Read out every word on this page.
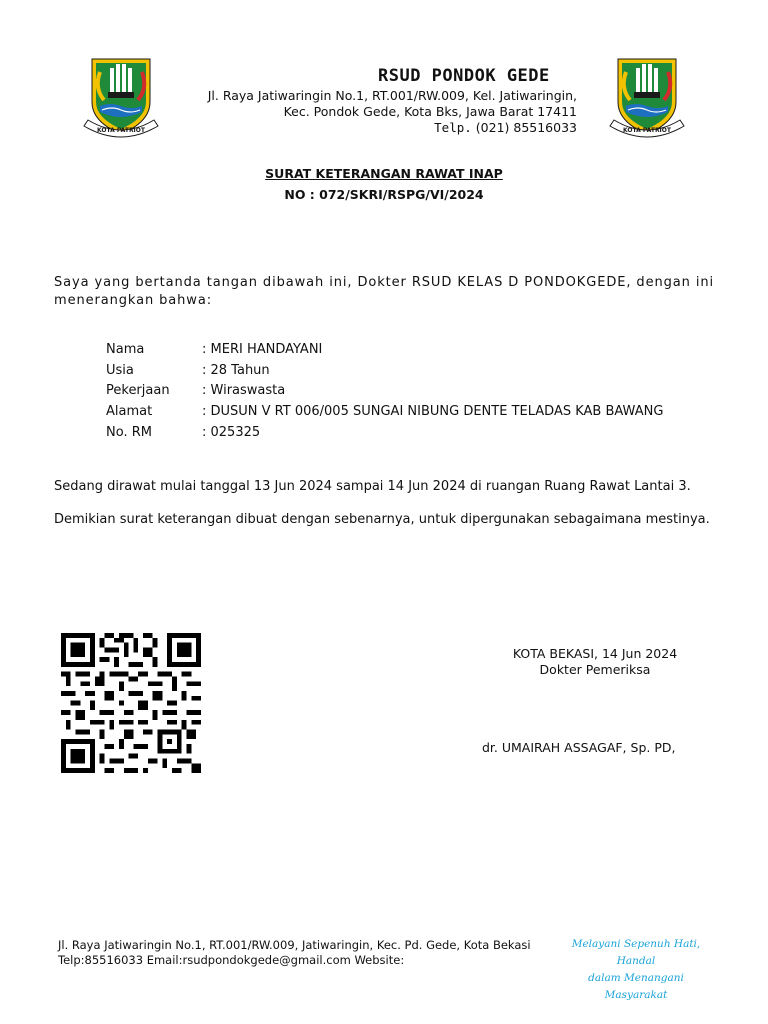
KOTA PATRIOT	KOTA PATRIOT
RSUD PONDOK GEDE
Jl. Raya Jatiwaringin No.1, RT.001/RW.009, Kel. Jatiwaringin,
Kec. Pondok Gede, Kota Bks, Jawa Barat 17411
Telp. (021) 85516033
SURAT KETERANGAN RAWAT INAP
NO : 072/SKRI/RSPG/VI/2024
Saya yang bertanda tangan dibawah ini, Dokter RSUD KELAS D PONDOKGEDE, dengan ini menerangkan bahwa:
Nama	: MERI HANDAYANI
Usia	: 28 Tahun
Pekerjaan : Wiraswasta
Alamat	: DUSUN V RT 006/005 SUNGAI NIBUNG DENTE TELADAS KAB BAWANG
No. RM	: 025325
Sedang dirawat mulai tanggal 13 Jun 2024 sampai 14 Jun 2024 di ruangan Ruang Rawat Lantai 3.
Demikian surat keterangan dibuat dengan sebenarnya, untuk dipergunakan sebagaimana mestinya.
KOTA BEKASI, 14 Jun 2024
Dokter Pemeriksa
dr. UMAIRAH ASSAGAF, Sp. PD,
Jl. Raya Jatiwaringin No.1, RT.001/RW.009, Jatiwaringin, Kec. Pd. Gede, Kota Bekasi
Telp:85516033 Email:rsudpondokgede@gmail.com Website:
Melayani Sepenuh Hati, Handal
dalam Menangani Masyarakat
